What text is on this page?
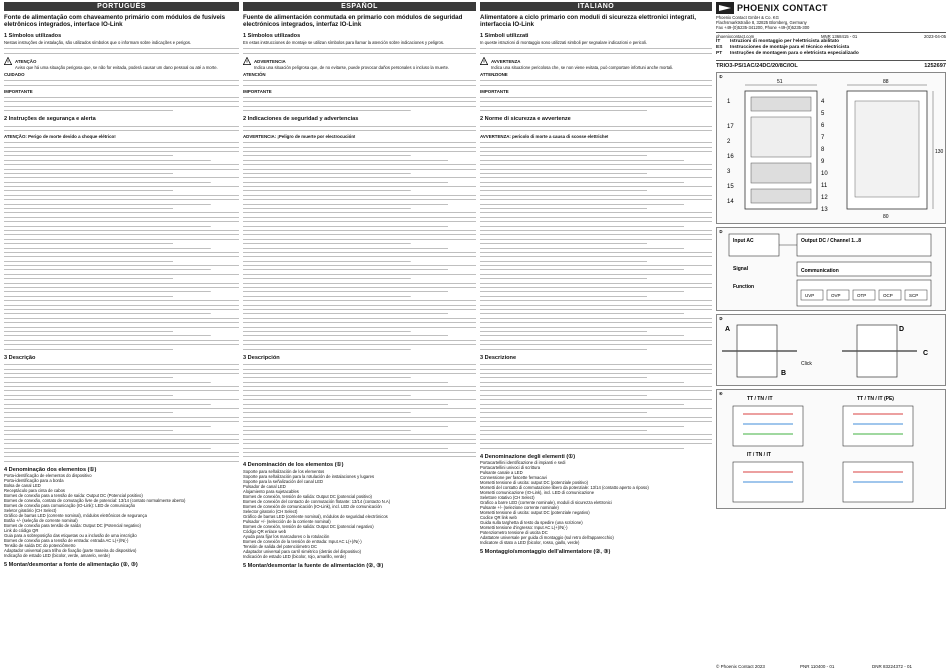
PORTUGUÊS
Fonte de alimentação com chaveamento primário com módulos de fusíveis eletrônicos integrados, interface IO-Link
1 Símbolos utilizados
Nestas instruções de instalação, são utilizados símbolos que o informam sobre indicações e perigos.
ATENÇÃO
Aviso que há uma situação perigosa que, se não for evitada, poderá causar um dano pessoal ou até a morte.
CUIDADO
IMPORTANTE
2 Instruções de segurança e alerta
ATENÇÃO: Perigo de morte devido a choque elétrico!
3 Descrição
4 Denominação dos elementos (①)
Porta-identificação de elementos do dispositivo
Porta-identificação para a borda
Bolsa de canal LED
Receptáculo para cinta de cabos
Bornes de conexão para a tensão de saída: Output DC (Potencial positivo)
Bornes de conexão, contato de comutação livre de potencial: 13/14 (contato normalmente aberto)
Bornes de conexão para comunicação (IO-Link): LED de comunicação
Seletor giratório (CH Select)
Gráfico de barras LED (corrente nominal), módulos eletrônicos de segurança
Botão +/- (seleção de corrente nominal)
Bornes de conexão para tensão de saída: Output DC (Potencial negativo)
Link do código QR
Guia para a sobreposição das etiquetas ou a inclusão de uma inscrição
Bornes de conexão para a tensão de entrada: entrada AC L(+)/N(-)
Tensão de saída DC do potenciômetro
Adaptador universal para trilho de fixação (parte traseira do dispositivo)
Indicação de estado LED (bicolor, verde, amarelo, verde)
5 Montar/desmontar a fonte de alimentação (②, ③)
ESPAÑOL
Fuente de alimentación conmutada en primario con módulos de seguridad electrónicos integrados, interfaz IO-Link
1 Símbolos utilizados
En estas instrucciones de montaje se utilizan símbolos para llamar la atención sobre indicaciones y peligros.
ADVERTENCIA
Indica una situación peligrosa que, de no evitarse, puede provocar daños personales o incluso la muerte.
ATENCIÓN
IMPORTANTE
2 Indicaciones de seguridad y advertencias
ADVERTENCIA: ¡Peligro de muerte por electrocución!
3 Descripción
4 Denominación de los elementos (①)
Soporte para señalización de los elementos
Soporte para señalización para la rotulación de instalaciones y lugares
Soporte para la señalización del canal LED
Pulsador de canal LED
Alojamiento para sujetacables
Bornes de conexión, tensión de salida: Output DC (potencial positivo)
Bornes de conexión del contacto de conmutación flotante: 13/14 (contacto N.A)
Bornes de conexión de comunicación (IO-Link), incl. LED de comunicación
Selector giratorio (CH Select)
Gráfico de barras LED (corriente nominal), módulos de seguridad electrónicos
Pulsador +/- (selección de la corriente nominal)
Bornes de conexión, tensión de salida: Output DC (potencial negativo)
Código QR enlace web
Ayuda para fijar los marcadores o la rotulación
Bornes de conexión de la tensión de entrada: Input AC L(+)/N(-)
Tensión de salida del potenciómetro DC
Adaptador universal para carril simétrico (detrás del dispositivo)
Indicación de estado LED (bicolor, rojo, amarillo, verde)
5 Montar/desmontar la fuente de alimentación (②, ③)
ITALIANO
Alimentatore a ciclo primario con moduli di sicurezza elettronici integrati, interfaccia IO-Link
1 Simboli utilizzati
In queste istruzioni di montaggio sono utilizzati simboli per segnalare indicazioni e pericoli.
AVVERTENZA
Indica una situazione pericolosa che, se non viene evitata, può comportare infortuni anche mortali.
ATTENZIONE
IMPORTANTE
2 Norme di sicurezza e avvertenze
AVVERTENZA: pericolo di morte a causa di scosse elettriche!
3 Descrizione
4 Denominazione degli elementi (①)
Portacartellini identificazione di impianti e sedi
Portacartellini univoci di scrittura
Pulsante canale a LED
Connessione per fascette fermacavi
Morsetti tensione di uscita: output DC (potenziale positivo)
Morsetti del contatto di commutazione libero da potenziale: 13/14 (contatto aperto a riposo)
Morsetti comunicazione (IO-Link), incl. LED di comunicazione
Selettore rotativo (CH Select)
Grafico a barre LED (corrente nominale), moduli di sicurezza elettronici
Pulsante +/- (selezione corrente nominale)
Morsetti tensione di uscita: output DC (potenziale negativo)
Codice QR link web
Guida sulla targhetta di testo da spedire (una scrizione)
Morsetti tensione d'ingresso: Input AC L(+)/N(-)
Potenziometro tensione di uscita DC
Adattatore universale per guida di montaggio (sul retro dell'apparecchio)
Indicatore di stato a LED (bicolor, rosso, giallo, verde)
5 Montaggio/smontaggio dell'alimentatore (②, ③)
PHOENIX CONTACT
Phoenix Contact GmbH & Co. KG
Flachsmarktstraße 8, 32825 Blomberg, Germany
Fax +49-(0)5235-341200, Phone +49-(0)5235-300
phoenixcontact.com	MNR 1368415 - 01	2023-04-05
IT	Istruzioni di montaggio per l'elettricista abilitato
ES	Instrucciones de montaje para el técnico electricista
PT	Instruções de montagem para o eletricista especializado
TRIO3-PS/1AC/24DC/20/8C/IOL	1252697
①
51	88
130
80
1
17
2
16
3
15
14
4
5
6
7
8
9
10
11
12
13
②
Input AC	Output DC / Channel 1...8
Signal	Communication
Function
UVP	OVP	OTP	OCP	SCP
③
A
B
C
D
Click
④
TT / TN / IT	TT / TN / IT (PE)
IT / TN / IT
© Phoenix Contact 2023	PNR 110400 - 01	DNR 83224372 - 01
